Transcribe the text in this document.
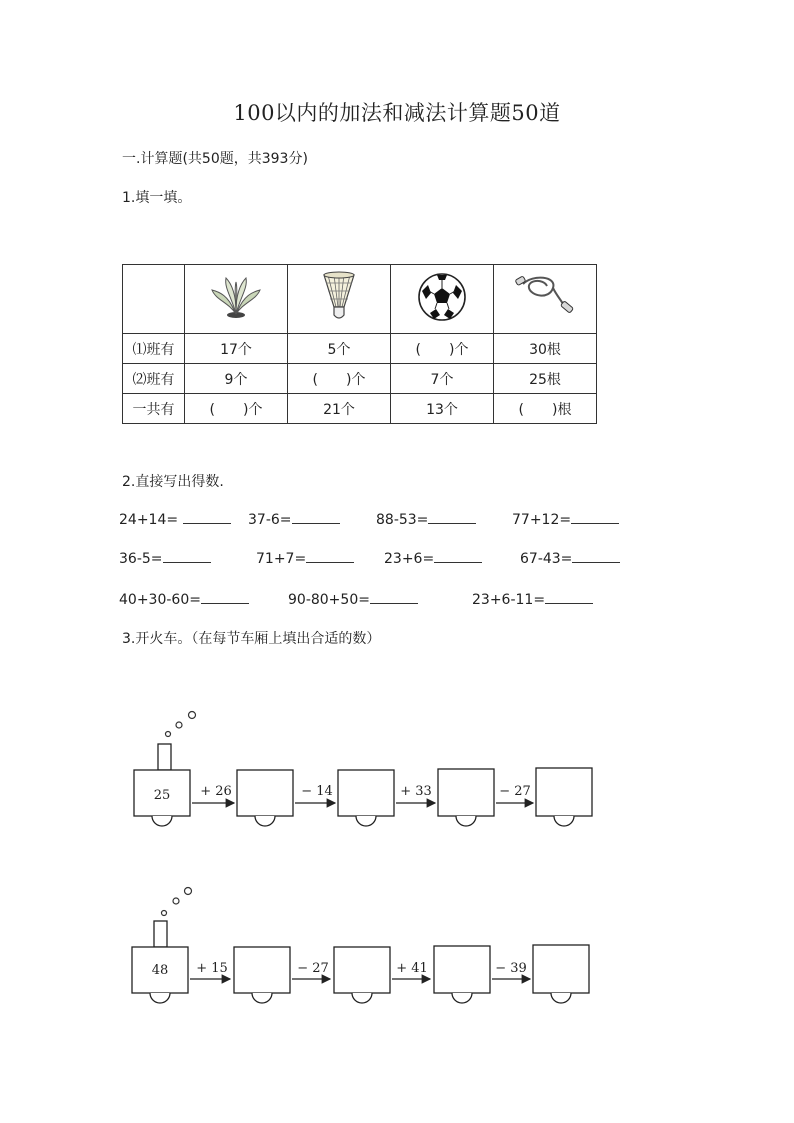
100以内的加法和减法计算题50道
一.计算题(共50题，共393分)
1.填一填。

⑴班有	17个	5个	(　　)个	30根
⑵班有	9个	(　　)个	7个	25根
一共有	(　　)个	21个	13个	(　　)根
2.直接写出得数.
24+14=	37-6=	88-53=	77+12=
36-5=	71+7=	23+6=	67-43=
40+30-60=	90-80+50=	23+6-11=
3.开火车。（在每节车厢上填出合适的数）
25 + 26	− 14	+ 33	− 27
48 + 15	− 27	+ 41	− 39
